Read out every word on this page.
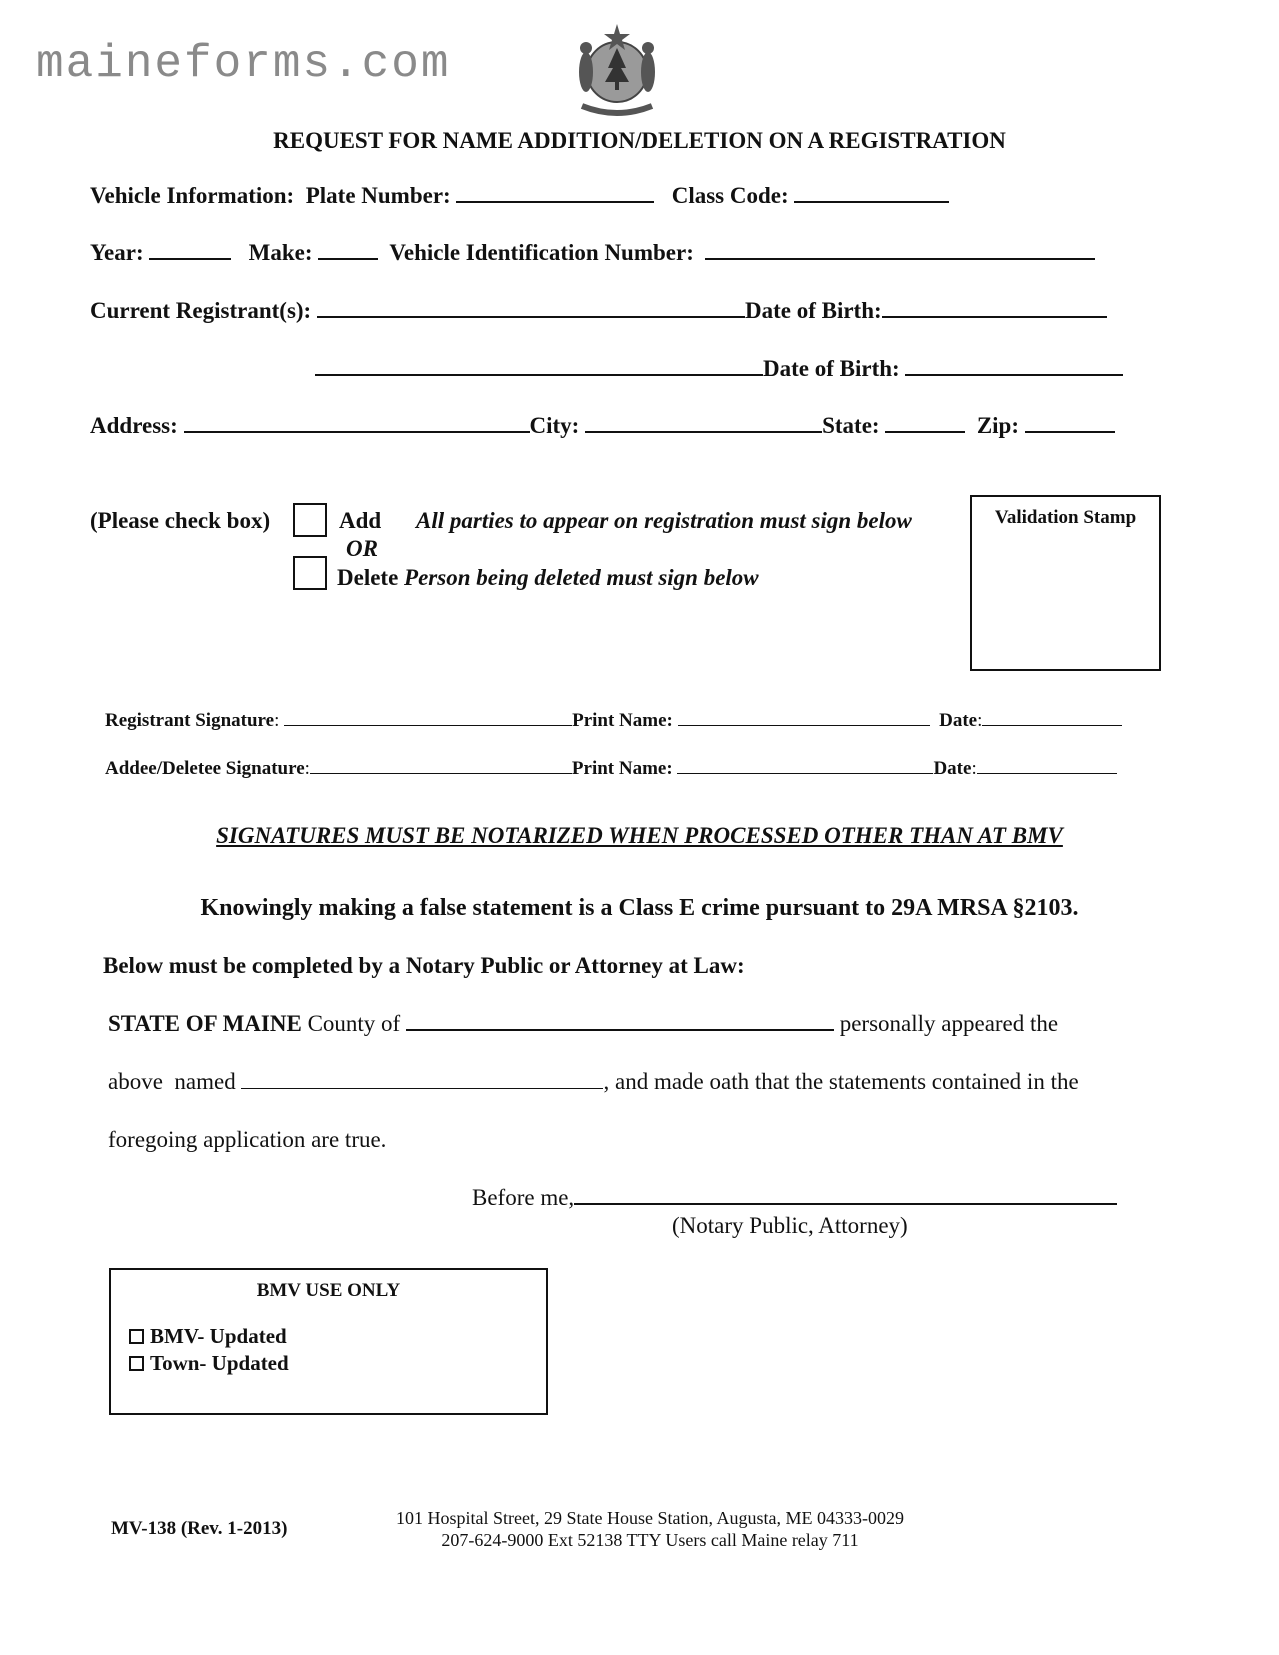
maineforms.com
REQUEST FOR NAME ADDITION/DELETION ON A REGISTRATION
Vehicle Information: Plate Number:	Class Code:
Year:	Make:	Vehicle Identification Number:
Current Registrant(s):	Date of Birth:
Date of Birth:
Address:	City:	State:	Zip:
(Please check box)	Add All parties to appear on registration must sign below
OR
Delete Person being deleted must sign below
Validation Stamp
Registrant Signature:	Print Name:	Date:
Addee/Deletee Signature:	Print Name:	Date:
SIGNATURES MUST BE NOTARIZED WHEN PROCESSED OTHER THAN AT BMV
Knowingly making a false statement is a Class E crime pursuant to 29A MRSA §2103.
Below must be completed by a Notary Public or Attorney at Law:
STATE OF MAINE County of	personally appeared the
above  named	, and made oath that the statements contained in the
foregoing application are true.
Before me,
(Notary Public, Attorney)
BMV USE ONLY
BMV- Updated
Town- Updated
MV-138 (Rev. 1-2013)	101 Hospital Street, 29 State House Station, Augusta, ME 04333-0029
207-624-9000 Ext 52138 TTY Users call Maine relay 711
